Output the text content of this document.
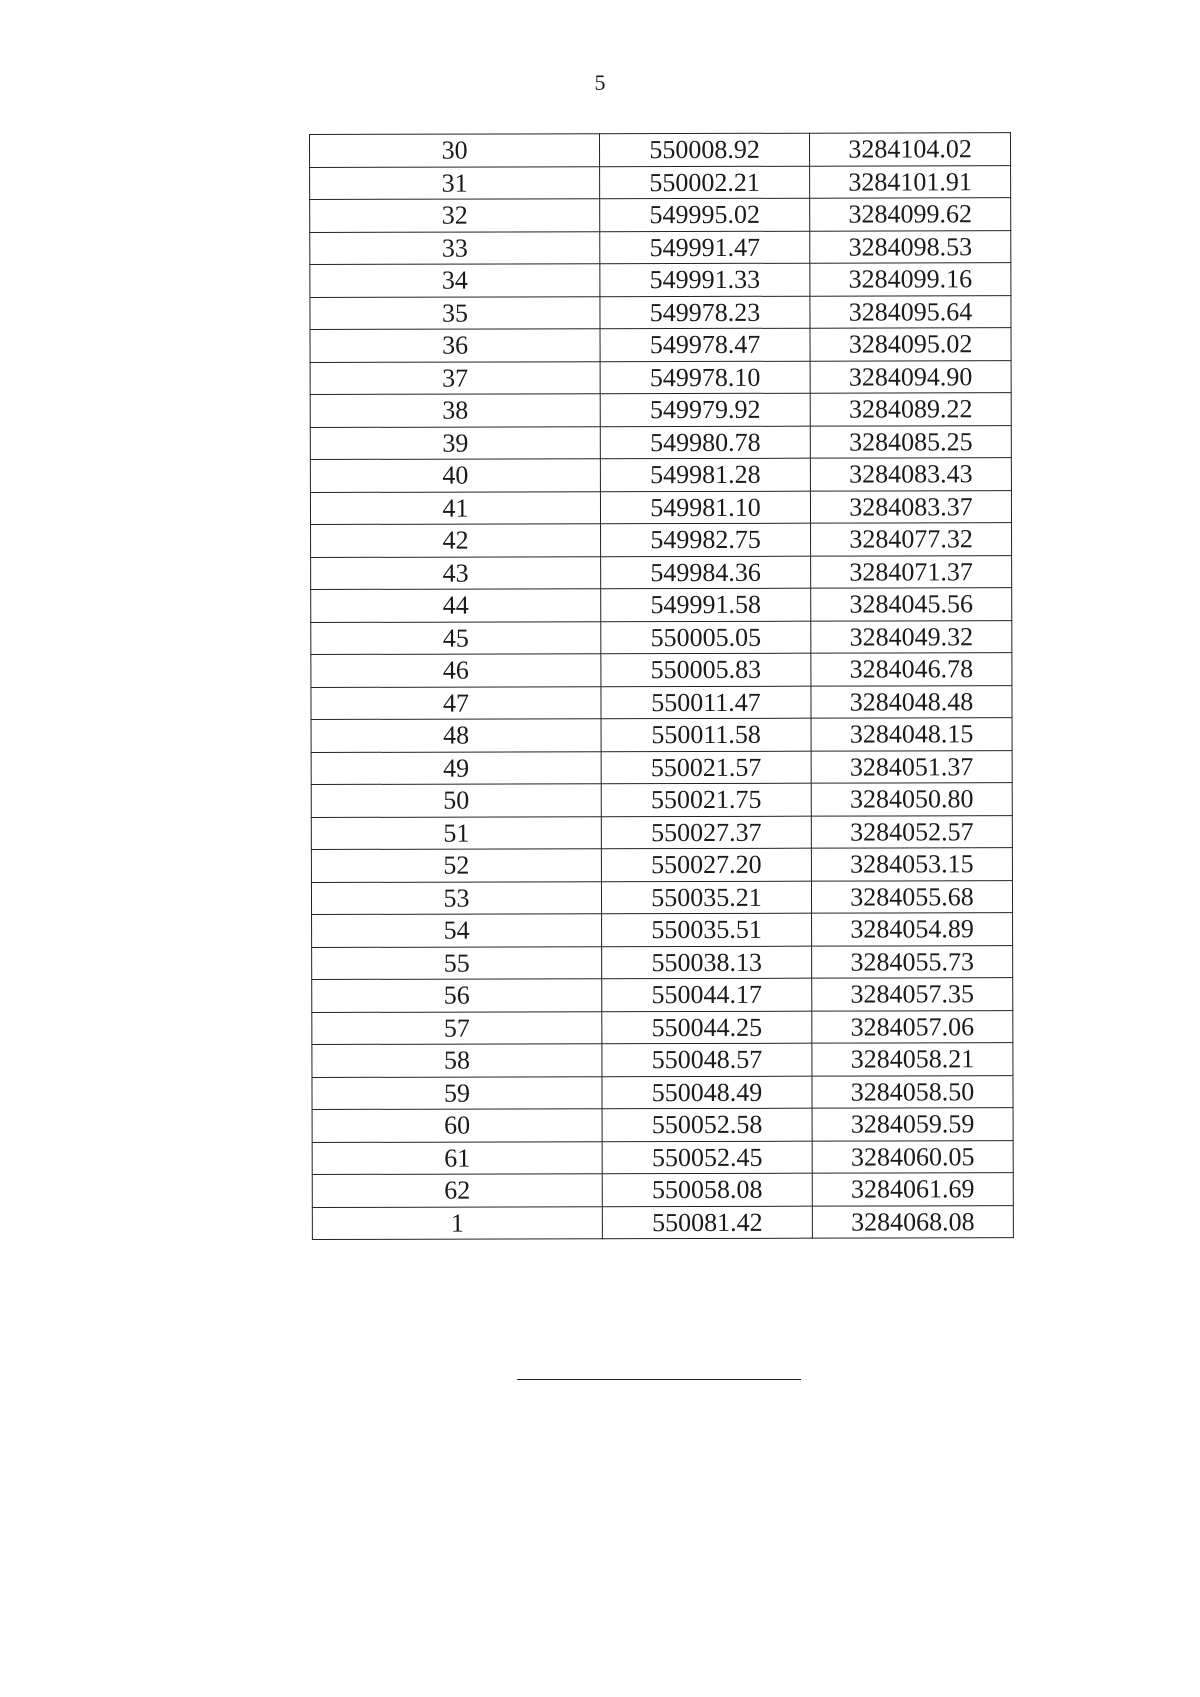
5
30	550008.92	3284104.02
31	550002.21	3284101.91
32	549995.02	3284099.62
33	549991.47	3284098.53
34	549991.33	3284099.16
35	549978.23	3284095.64
36	549978.47	3284095.02
37	549978.10	3284094.90
38	549979.92	3284089.22
39	549980.78	3284085.25
40	549981.28	3284083.43
41	549981.10	3284083.37
42	549982.75	3284077.32
43	549984.36	3284071.37
44	549991.58	3284045.56
45	550005.05	3284049.32
46	550005.83	3284046.78
47	550011.47	3284048.48
48	550011.58	3284048.15
49	550021.57	3284051.37
50	550021.75	3284050.80
51	550027.37	3284052.57
52	550027.20	3284053.15
53	550035.21	3284055.68
54	550035.51	3284054.89
55	550038.13	3284055.73
56	550044.17	3284057.35
57	550044.25	3284057.06
58	550048.57	3284058.21
59	550048.49	3284058.50
60	550052.58	3284059.59
61	550052.45	3284060.05
62	550058.08	3284061.69
1	550081.42	3284068.08
